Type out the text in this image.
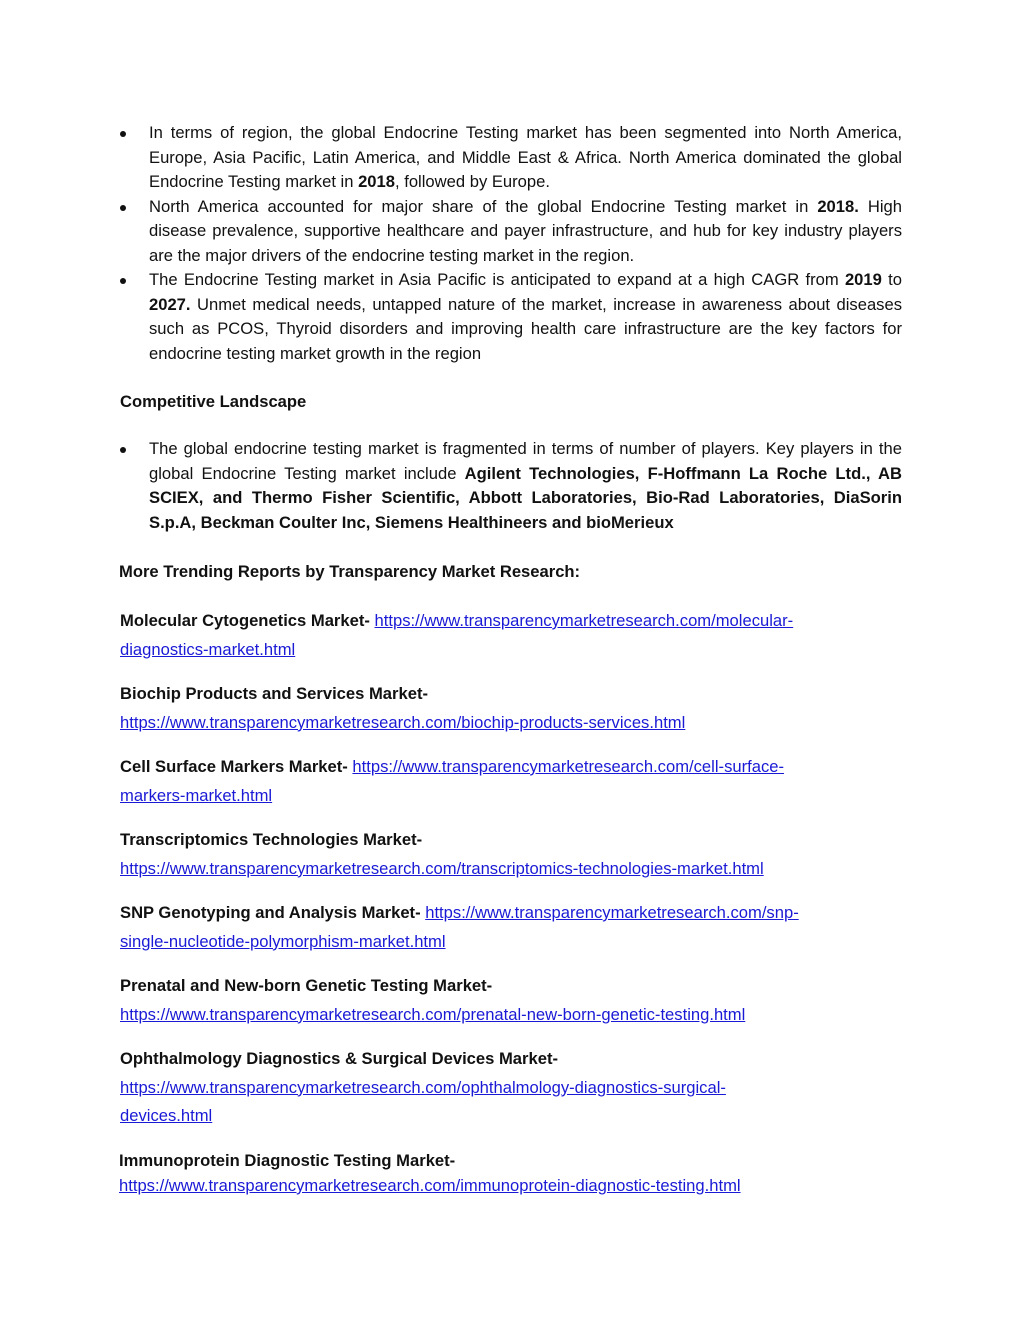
In terms of region, the global Endocrine Testing market has been segmented into North America, Europe, Asia Pacific, Latin America, and Middle East & Africa. North America dominated the global Endocrine Testing market in 2018, followed by Europe.
North America accounted for major share of the global Endocrine Testing market in 2018. High disease prevalence, supportive healthcare and payer infrastructure, and hub for key industry players are the major drivers of the endocrine testing market in the region.
The Endocrine Testing market in Asia Pacific is anticipated to expand at a high CAGR from 2019 to 2027. Unmet medical needs, untapped nature of the market, increase in awareness about diseases such as PCOS, Thyroid disorders and improving health care infrastructure are the key factors for endocrine testing market growth in the region
Competitive Landscape
The global endocrine testing market is fragmented in terms of number of players. Key players in the global Endocrine Testing market include Agilent Technologies, F-Hoffmann La Roche Ltd., AB SCIEX, and Thermo Fisher Scientific, Abbott Laboratories, Bio-Rad Laboratories, DiaSorin S.p.A, Beckman Coulter Inc, Siemens Healthineers and bioMerieux
More Trending Reports by Transparency Market Research:
Molecular Cytogenetics Market- https://www.transparencymarketresearch.com/molecular-
diagnostics-market.html
Biochip Products and Services Market-
https://www.transparencymarketresearch.com/biochip-products-services.html
Cell Surface Markers Market- https://www.transparencymarketresearch.com/cell-surface-
markers-market.html
Transcriptomics Technologies Market-
https://www.transparencymarketresearch.com/transcriptomics-technologies-market.html
SNP Genotyping and Analysis Market- https://www.transparencymarketresearch.com/snp-
single-nucleotide-polymorphism-market.html
Prenatal and New-born Genetic Testing Market-
https://www.transparencymarketresearch.com/prenatal-new-born-genetic-testing.html
Ophthalmology Diagnostics & Surgical Devices Market-
https://www.transparencymarketresearch.com/ophthalmology-diagnostics-surgical-
devices.html
Immunoprotein Diagnostic Testing Market-
https://www.transparencymarketresearch.com/immunoprotein-diagnostic-testing.html
